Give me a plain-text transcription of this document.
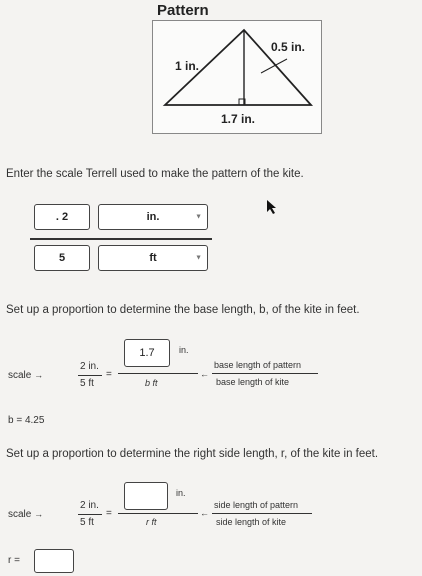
Pattern
1 in.
0.5 in.
1.7 in.
Enter the scale Terrell used to make the pattern of the kite.
. 2	in.	▼
5	ft	▼
Set up a proportion to determine the base length, b, of the kite in feet.
scale →
2 in.
5 ft
=
1.7	in.
b ft
←
base length of pattern
base length of kite
b = 4.25
Set up a proportion to determine the right side length, r, of the kite in feet.
scale →
2 in.
5 ft
=
in.
r ft
←
side length of pattern
side length of kite
r =
